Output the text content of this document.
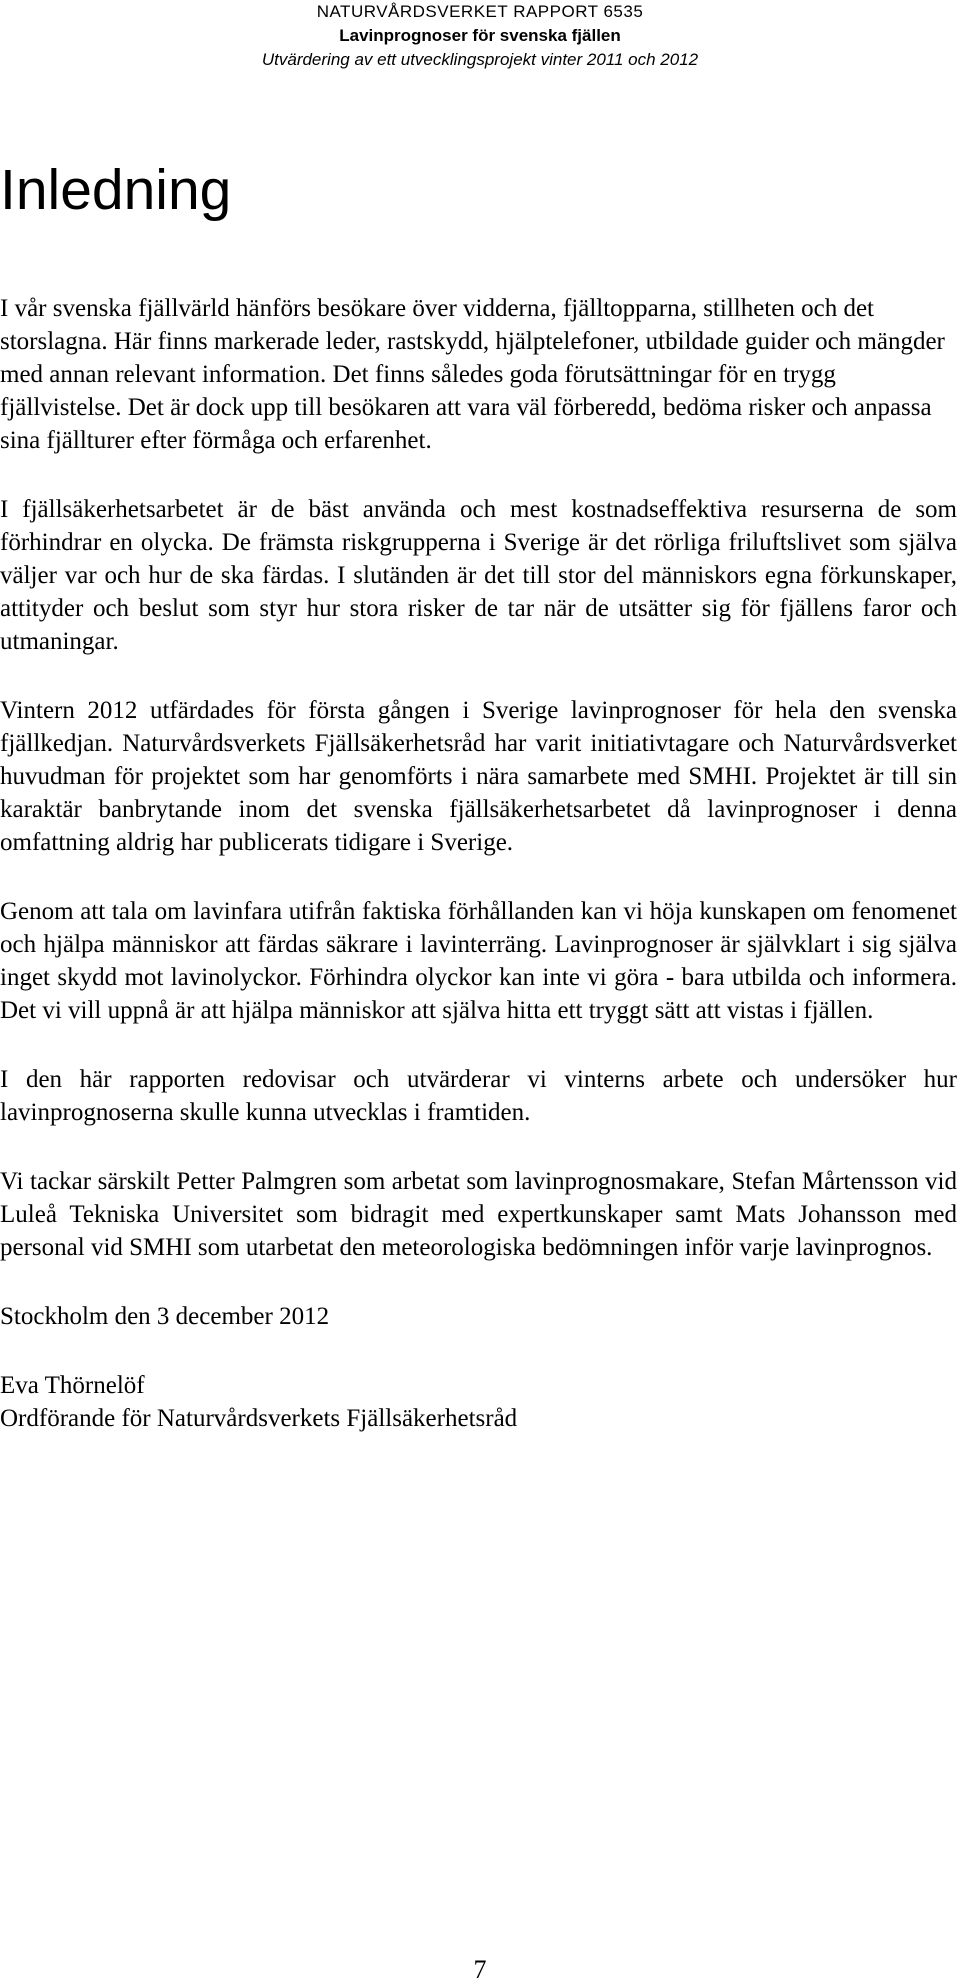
NATURVÅRDSVERKET RAPPORT 6535
Lavinprognoser för svenska fjällen
Utvärdering av ett utvecklingsprojekt vinter 2011 och 2012
Inledning

I vår svenska fjällvärld hänförs besökare över vidderna, fjälltopparna, stillheten och det storslagna. Här finns markerade leder, rastskydd, hjälptelefoner, utbildade guider och mängder med annan relevant information. Det finns således goda förutsättningar för en trygg fjällvistelse. Det är dock upp till besökaren att vara väl förberedd, bedöma risker och anpassa sina fjällturer efter förmåga och erfarenhet.

I fjällsäkerhetsarbetet är de bäst använda och mest kostnadseffektiva resurserna de som förhindrar en olycka. De främsta riskgrupperna i Sverige är det rörliga friluftslivet som själva väljer var och hur de ska färdas. I slutänden är det till stor del människors egna förkunskaper, attityder och beslut som styr hur stora risker de tar när de utsätter sig för fjällens faror och utmaningar.

Vintern 2012 utfärdades för första gången i Sverige lavinprognoser för hela den svenska fjällkedjan. Naturvårdsverkets Fjällsäkerhetsråd har varit initiativtagare och Naturvårdsverket huvudman för projektet som har genomförts i nära samarbete med SMHI. Projektet är till sin karaktär banbrytande inom det svenska fjällsäkerhetsarbetet då lavinprognoser i denna omfattning aldrig har publicerats tidigare i Sverige.

Genom att tala om lavinfara utifrån faktiska förhållanden kan vi höja kunskapen om fenomenet och hjälpa människor att färdas säkrare i lavinterräng. Lavinprognoser är självklart i sig själva inget skydd mot lavinolyckor. Förhindra olyckor kan inte vi göra - bara utbilda och informera. Det vi vill uppnå är att hjälpa människor att själva hitta ett tryggt sätt att vistas i fjällen.

I den här rapporten redovisar och utvärderar vi vinterns arbete och undersöker hur lavinprognoserna skulle kunna utvecklas i framtiden.

Vi tackar särskilt Petter Palmgren som arbetat som lavinprognosmakare, Stefan Mårtensson vid Luleå Tekniska Universitet som bidragit med expertkunskaper samt Mats Johansson med personal vid SMHI som utarbetat den meteorologiska bedömningen inför varje lavinprognos.

Stockholm den 3 december 2012

Eva Thörnelöf

Ordförande för Naturvårdsverkets Fjällsäkerhetsråd

7
